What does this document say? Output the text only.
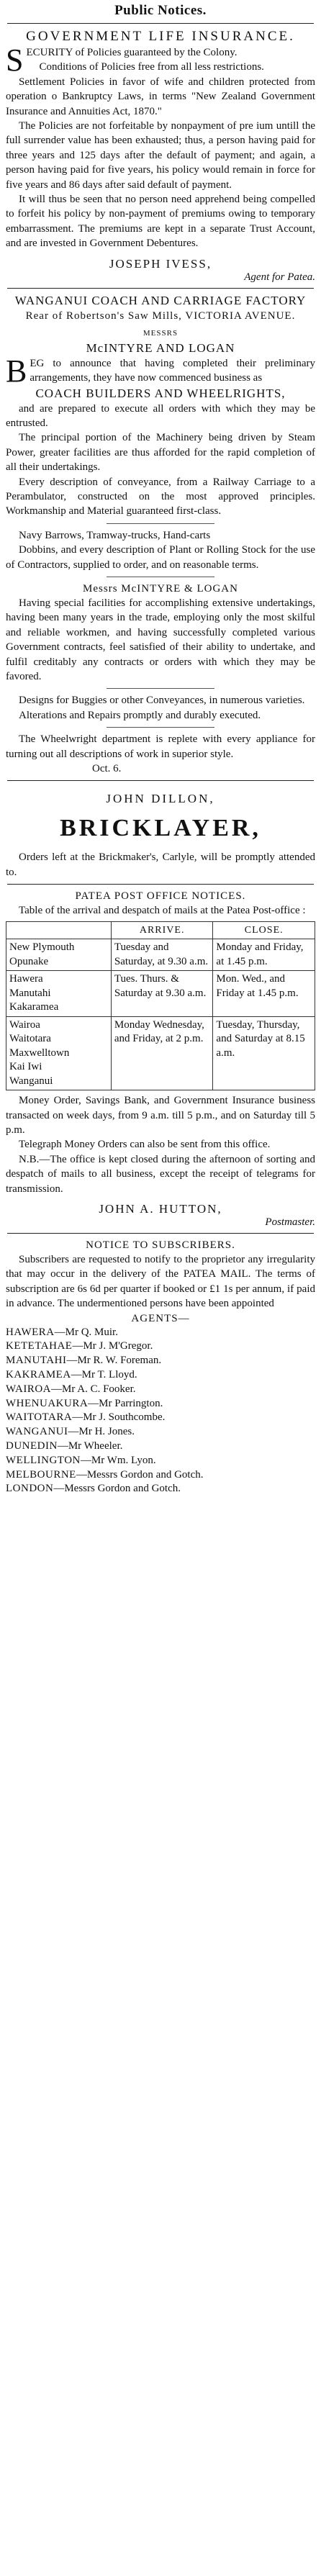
Public Notices.

GOVERNMENT LIFE INSURANCE.

SECURITY of Policies guaranteed by the Colony.

Conditions of Policies free from all less restrictions.

Settlement Policies in favor of wife and children protected from operation o Bankruptcy Laws, in terms "New Zealand Government Insurance and Annuities Act, 1870."

The Policies are not forfeitable by nonpayment of pre ium untill the full surrender value has been exhausted; thus, a person having paid for three years and 125 days after the default of payment; and again, a person having paid for five years, his policy would remain in force for five years and 86 days after said default of payment.

It will thus be seen that no person need apprehend being compelled to forfeit his policy by non-payment of premiums owing to temporary embarrassment. The premiums are kept in a separate Trust Account, and are invested in Government Debentures.

JOSEPH IVESS,

Agent for Patea.

WANGANUI COACH AND CARRIAGE FACTORY

Rear of Robertson's Saw Mills, VICTORIA AVENUE.

MESSRS

McINTYRE AND LOGAN

BEG to announce that having completed their preliminary arrangements, they have now commenced business as

COACH BUILDERS AND WHEELRIGHTS,

and are prepared to execute all orders with which they may be entrusted.

The principal portion of the Machinery being driven by Steam Power, greater facilities are thus afforded for the rapid completion of all their undertakings.

Every description of conveyance, from a Railway Carriage to a Perambulator, constructed on the most approved principles. Workmanship and Material guaranteed first-class.

Navy Barrows, Tramway-trucks, Hand-carts

Dobbins, and every description of Plant or Rolling Stock for the use of Contractors, supplied to order, and on reasonable terms.

Messrs McINTYRE & LOGAN

Having special facilities for accomplishing extensive undertakings, having been many years in the trade, employing only the most skilful and reliable workmen, and having successfully completed various Government contracts, feel satisfied of their ability to undertake, and fulfil creditably any contracts or orders with which they may be favored.

Designs for Buggies or other Conveyances, in numerous varieties.

Alterations and Repairs promptly and durably executed.

The Wheelwright department is replete with every appliance for turning out all descriptions of work in superior style.

Oct. 6.

JOHN DILLON,

BRICKLAYER,

Orders left at the Brickmaker's, Carlyle, will be promptly attended to.

PATEA POST OFFICE NOTICES.

Table of the arrival and despatch of mails at the Patea Post-office :

	ARRIVE.	CLOSE.
New Plymouth
Opunake	Tuesday and Saturday, at 9.30 a.m.	Monday and Friday, at 1.45 p.m.
Hawera
Manutahi
Kakaramea	Tues. Thurs. & Saturday at 9.30 a.m.	Mon. Wed., and Friday at 1.45 p.m.
Wairoa
Waitotara
Maxwelltown
Kai Iwi
Wanganui	Monday Wednesday, and Friday, at 2 p.m.	Tuesday, Thursday, and Saturday at 8.15 a.m.

Money Order, Savings Bank, and Government Insurance business transacted on week days, from 9 a.m. till 5 p.m., and on Saturday till 5 p.m.

Telegraph Money Orders can also be sent from this office.

N.B.—The office is kept closed during the afternoon of sorting and despatch of mails to all business, except the receipt of telegrams for transmission.

JOHN A. HUTTON,

Postmaster.

NOTICE TO SUBSCRIBERS.

Subscribers are requested to notify to the proprietor any irregularity that may occur in the delivery of the PATEA MAIL. The terms of subscription are 6s 6d per quarter if booked or £1 1s per annum, if paid in advance. The undermentioned persons have been appointed

AGENTS—

HAWERA—Mr Q. Muir.
KETETAHAE—Mr J. M'Gregor.
MANUTAHI—Mr R. W. Foreman.
KAKRAMEA—Mr T. Lloyd.
WAIROA—Mr A. C. Fooker.
WHENUAKURA—Mr Parrington.
WAITOTARA—Mr J. Southcombe.
WANGANUI—Mr H. Jones.
DUNEDIN—Mr Wheeler.
WELLINGTON—Mr Wm. Lyon.
MELBOURNE—Messrs Gordon and Gotch.
LONDON—Messrs Gordon and Gotch.
